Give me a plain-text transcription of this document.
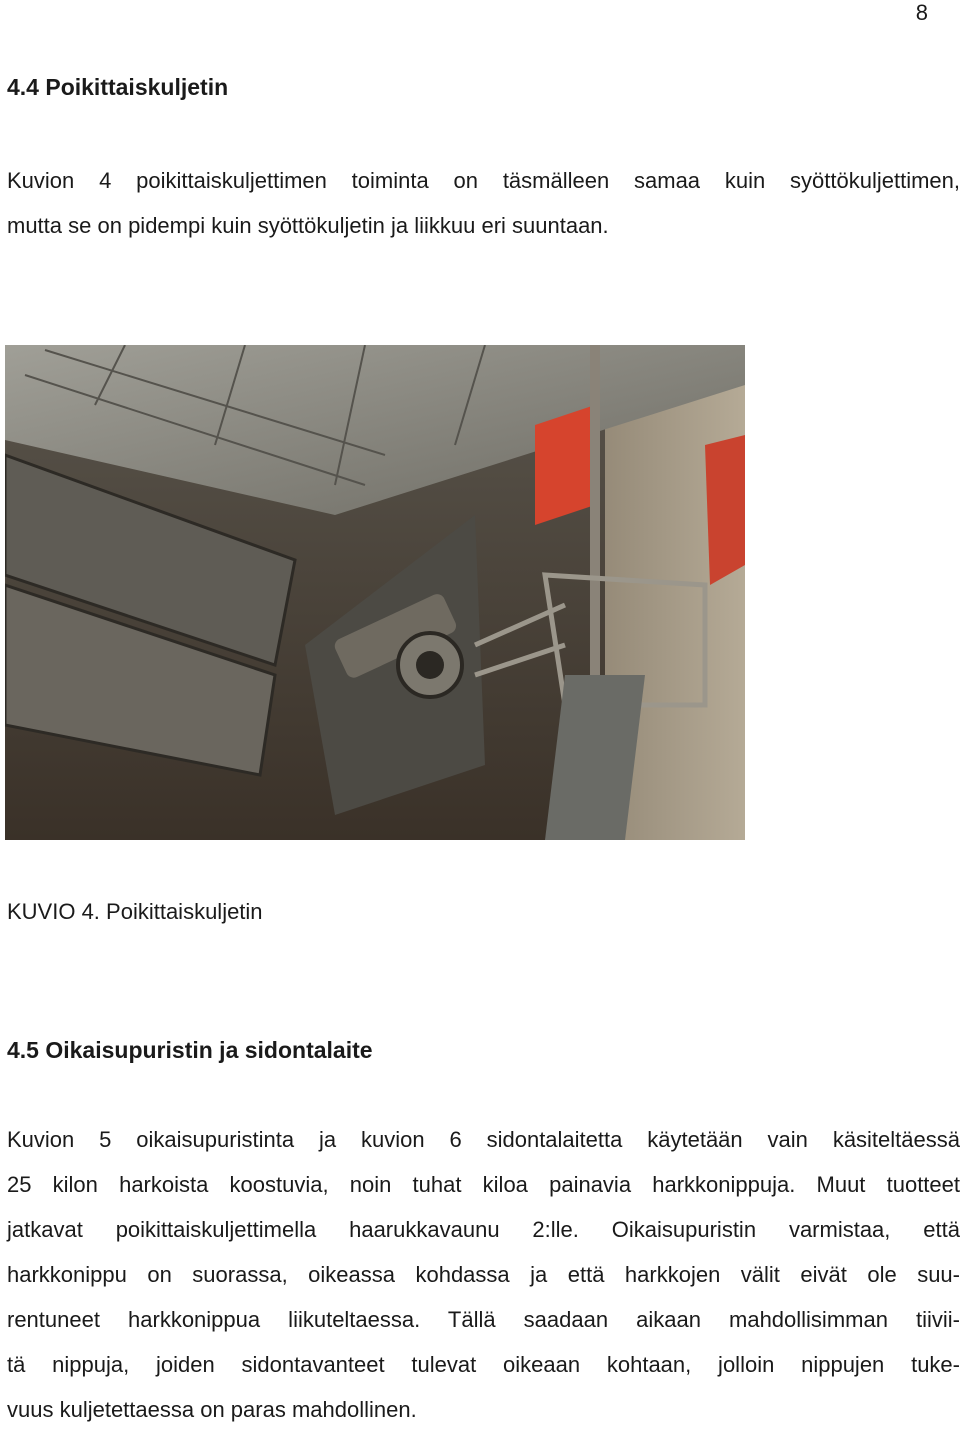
8
4.4 Poikittaiskuljetin
Kuvion 4 poikittaiskuljettimen toiminta on täsmälleen samaa kuin syöttökuljettimen,
mutta se on pidempi kuin syöttökuljetin ja liikkuu eri suuntaan.
KUVIO 4. Poikittaiskuljetin
4.5 Oikaisupuristin ja sidontalaite
Kuvion 5 oikaisupuristinta ja kuvion 6 sidontalaitetta käytetään vain käsiteltäessä
25 kilon harkoista koostuvia, noin tuhat kiloa painavia harkkonippuja. Muut tuotteet
jatkavat poikittaiskuljettimella haarukkavaunu 2:lle. Oikaisupuristin varmistaa, että
harkkonippu on suorassa, oikeassa kohdassa ja että harkkojen välit eivät ole suu-
rentuneet harkkonippua liikuteltaessa. Tällä saadaan aikaan mahdollisimman tiivii-
tä nippuja, joiden sidontavanteet tulevat oikeaan kohtaan, jolloin nippujen tuke-
vuus kuljetettaessa on paras mahdollinen.
